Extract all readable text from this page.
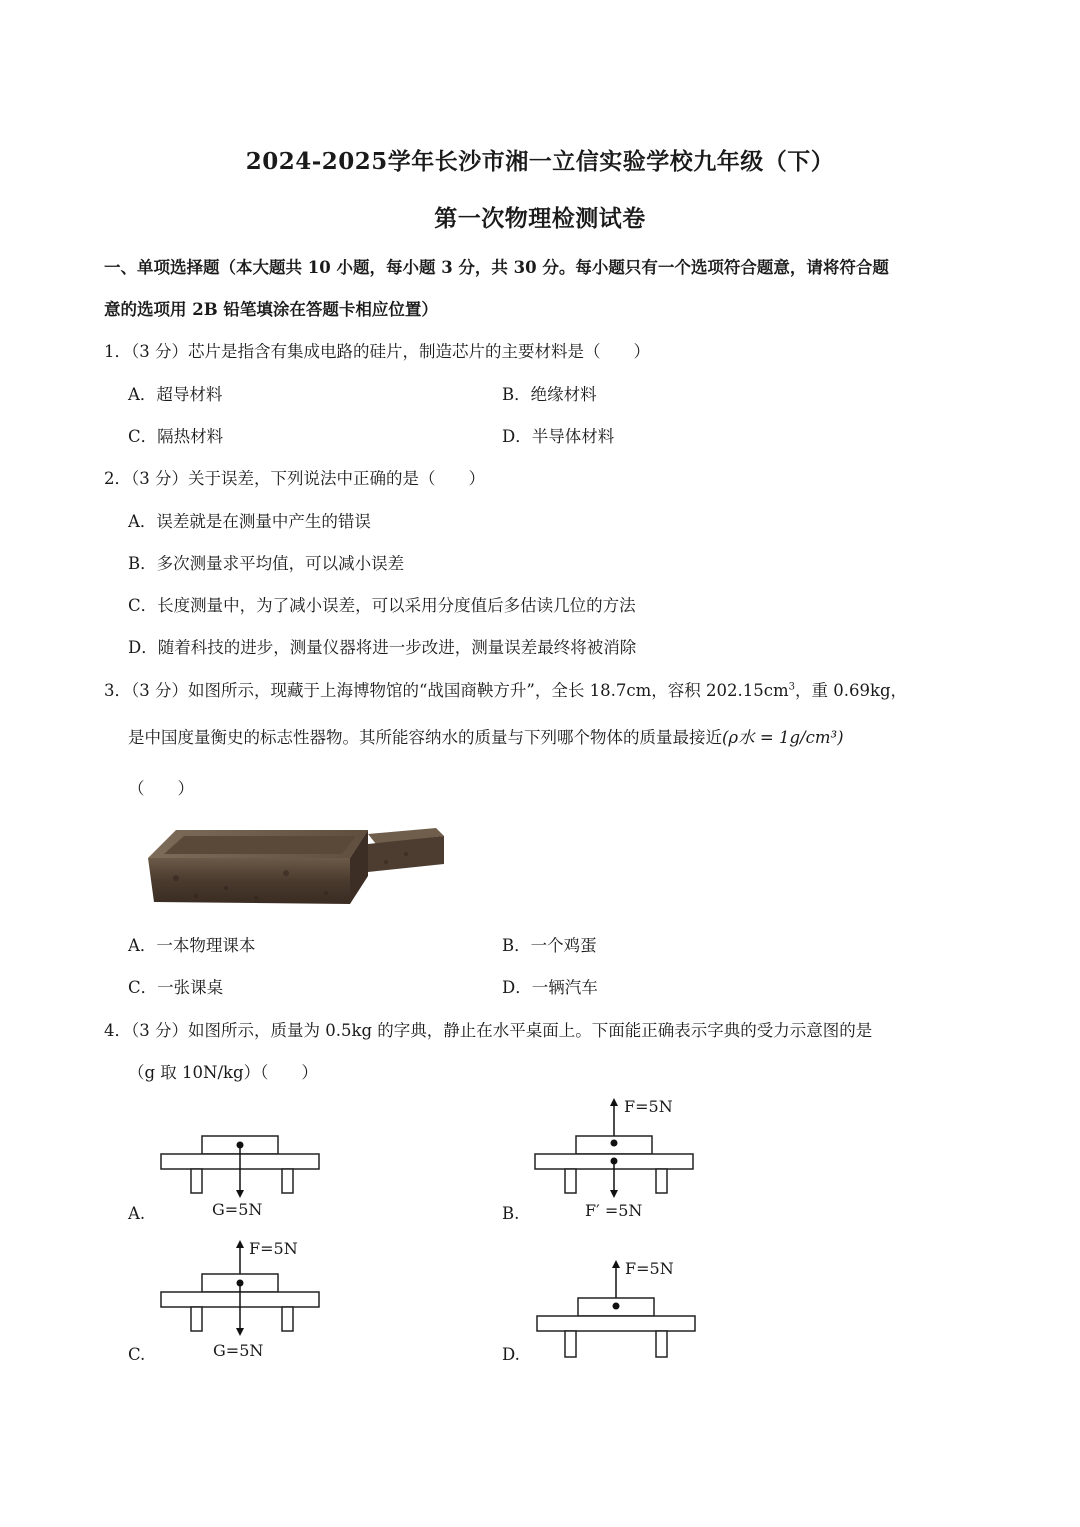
2024-2025学年长沙市湘一立信实验学校九年级（下）
第一次物理检测试卷
一、单项选择题（本大题共 10 小题，每小题 3 分，共 30 分。每小题只有一个选项符合题意，请将符合题
意的选项用 2B 铅笔填涂在答题卡相应位置）
1．（3 分）芯片是指含有集成电路的硅片，制造芯片的主要材料是（　　）
A．超导材料	B．绝缘材料
C．隔热材料	D．半导体材料
2．（3 分）关于误差，下列说法中正确的是（　　）
A．误差就是在测量中产生的错误
B．多次测量求平均值，可以减小误差
C．长度测量中，为了减小误差，可以采用分度值后多估读几位的方法
D．随着科技的进步，测量仪器将进一步改进，测量误差最终将被消除
3．（3 分）如图所示，现藏于上海博物馆的“战国商鞅方升”，全长 18.7cm，容积 $202.15cm^3$，重 0.69kg，
是中国度量衡史的标志性器物。其所能容纳水的质量与下列哪个物体的质量最接近(ρ水 = 1g/cm³)
（　　）
A．一本物理课本	B．一个鸡蛋
C．一张课桌	D．一辆汽车
4．（3 分）如图所示，质量为 0.5kg 的字典，静止在水平桌面上。下面能正确表示字典的受力示意图的是
（g 取 10N/kg）（　　）
A.	G=5N	B.
F=5N
F′ =5N
C.
F=5N
G=5N	D.
F=5N
